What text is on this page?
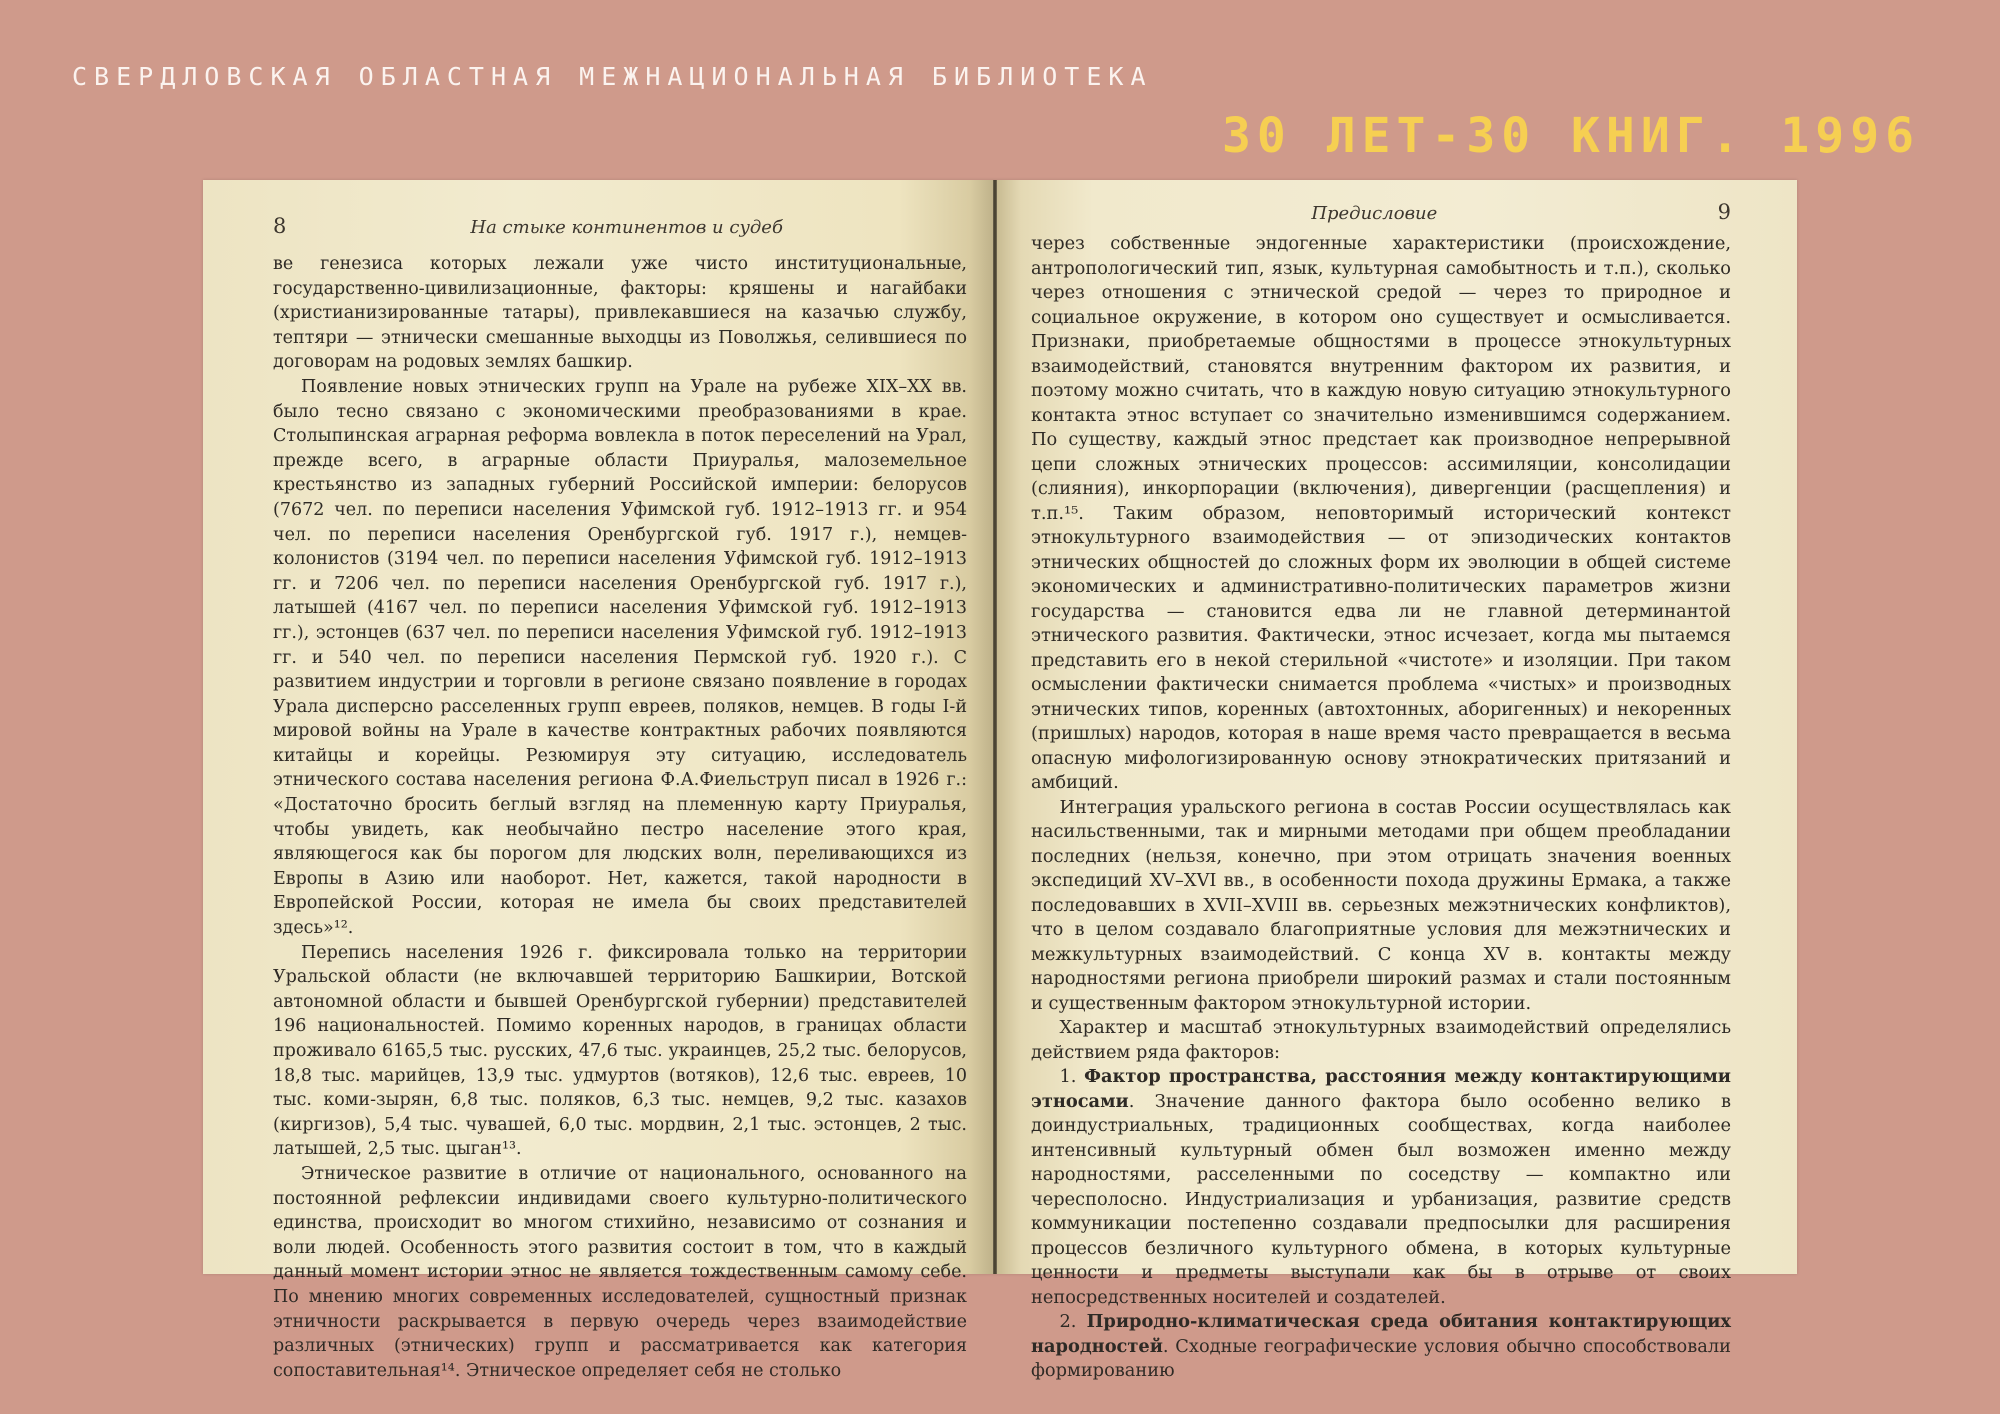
СВЕРДЛОВСКАЯ ОБЛАСТНАЯ МЕЖНАЦИОНАЛЬНАЯ БИБЛИОТЕКА
30 ЛЕТ-30 КНИГ. 1996
8	На стыке континентов и судеб

ве генезиса которых лежали уже чисто институциональные, государственно-цивилизационные, факторы: кряшены и нагайбаки (христианизированные татары), привлекавшиеся на казачью службу, тептяри — этнически смешанные выходцы из Поволжья, селившиеся по договорам на родовых землях башкир.

Появление новых этнических групп на Урале на рубеже XIX–XX вв. было тесно связано с экономическими преобразованиями в крае. Столыпинская аграрная реформа вовлекла в поток переселений на Урал, прежде всего, в аграрные области Приуралья, малоземельное крестьянство из западных губерний Российской империи: белорусов (7672 чел. по переписи населения Уфимской губ. 1912–1913 гг. и 954 чел. по переписи населения Оренбургской губ. 1917 г.), немцев-колонистов (3194 чел. по переписи населения Уфимской губ. 1912–1913 гг. и 7206 чел. по переписи населения Оренбургской губ. 1917 г.), латышей (4167 чел. по переписи населения Уфимской губ. 1912–1913 гг.), эстонцев (637 чел. по переписи населения Уфимской губ. 1912–1913 гг. и 540 чел. по переписи населения Пермской губ. 1920 г.). С развитием индустрии и торговли в регионе связано появление в городах Урала дисперсно расселенных групп евреев, поляков, немцев. В годы I-й мировой войны на Урале в качестве контрактных рабочих появляются китайцы и корейцы. Резюмируя эту ситуацию, исследователь этнического состава населения региона Ф.А.Фиельструп писал в 1926 г.: «Достаточно бросить беглый взгляд на племенную карту Приуралья, чтобы увидеть, как необычайно пестро население этого края, являющегося как бы порогом для людских волн, переливающихся из Европы в Азию или наоборот. Нет, кажется, такой народности в Европейской России, которая не имела бы своих представителей здесь»¹².

Перепись населения 1926 г. фиксировала только на территории Уральской области (не включавшей территорию Башкирии, Вотской автономной области и бывшей Оренбургской губернии) представителей 196 национальностей. Помимо коренных народов, в границах области проживало 6165,5 тыс. русских, 47,6 тыс. украинцев, 25,2 тыс. белорусов, 18,8 тыс. марийцев, 13,9 тыс. удмуртов (вотяков), 12,6 тыс. евреев, 10 тыс. коми-зырян, 6,8 тыс. поляков, 6,3 тыс. немцев, 9,2 тыс. казахов (киргизов), 5,4 тыс. чувашей, 6,0 тыс. мордвин, 2,1 тыс. эстонцев, 2 тыс. латышей, 2,5 тыс. цыган¹³.

Этническое развитие в отличие от национального, основанного на постоянной рефлексии индивидами своего культурно-политического единства, происходит во многом стихийно, независимо от сознания и воли людей. Особенность этого развития состоит в том, что в каждый данный момент истории этнос не является тождественным самому себе. По мнению многих современных исследователей, сущностный признак этничности раскрывается в первую очередь через взаимодействие различных (этнических) групп и рассматривается как категория сопоставительная¹⁴. Этническое определяет себя не столько

Предисловие	9

через собственные эндогенные характеристики (происхождение, антропологический тип, язык, культурная самобытность и т.п.), сколько через отношения с этнической средой — через то природное и социальное окружение, в котором оно существует и осмысливается. Признаки, приобретаемые общностями в процессе этнокультурных взаимодействий, становятся внутренним фактором их развития, и поэтому можно считать, что в каждую новую ситуацию этнокультурного контакта этнос вступает со значительно изменившимся содержанием. По существу, каждый этнос предстает как производное непрерывной цепи сложных этнических процессов: ассимиляции, консолидации (слияния), инкорпорации (включения), дивергенции (расщепления) и т.п.¹⁵. Таким образом, неповторимый исторический контекст этнокультурного взаимодействия — от эпизодических контактов этнических общностей до сложных форм их эволюции в общей системе экономических и административно-политических параметров жизни государства — становится едва ли не главной детерминантой этнического развития. Фактически, этнос исчезает, когда мы пытаемся представить его в некой стерильной «чистоте» и изоляции. При таком осмыслении фактически снимается проблема «чистых» и производных этнических типов, коренных (автохтонных, аборигенных) и некоренных (пришлых) народов, которая в наше время часто превращается в весьма опасную мифологизированную основу этнократических притязаний и амбиций.

Интеграция уральского региона в состав России осуществлялась как насильственными, так и мирными методами при общем преобладании последних (нельзя, конечно, при этом отрицать значения военных экспедиций XV–XVI вв., в особенности похода дружины Ермака, а также последовавших в XVII–XVIII вв. серьезных межэтнических конфликтов), что в целом создавало благоприятные условия для межэтнических и межкультурных взаимодействий. С конца XV в. контакты между народностями региона приобрели широкий размах и стали постоянным и существенным фактором этнокультурной истории.

Характер и масштаб этнокультурных взаимодействий определялись действием ряда факторов:

1. Фактор пространства, расстояния между контактирующими этносами. Значение данного фактора было особенно велико в доиндустриальных, традиционных сообществах, когда наиболее интенсивный культурный обмен был возможен именно между народностями, расселенными по соседству — компактно или чересполосно. Индустриализация и урбанизация, развитие средств коммуникации постепенно создавали предпосылки для расширения процессов безличного культурного обмена, в которых культурные ценности и предметы выступали как бы в отрыве от своих непосредственных носителей и создателей.

2. Природно-климатическая среда обитания контактирующих народностей. Сходные географические условия обычно способствовали формированию
